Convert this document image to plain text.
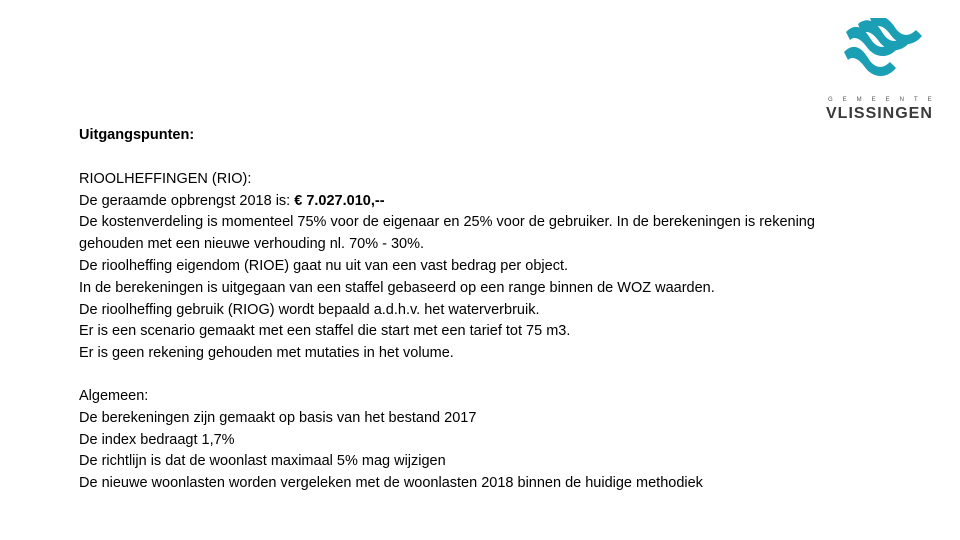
GEMEENTE
VLISSINGEN
Uitgangspunten:
RIOOLHEFFINGEN (RIO):
De geraamde opbrengst 2018 is: € 7.027.010,--
De kostenverdeling is momenteel 75% voor de eigenaar en 25% voor de gebruiker. In de berekeningen is rekening
gehouden met een nieuwe verhouding nl. 70% - 30%.
De rioolheffing eigendom (RIOE) gaat nu uit van een vast bedrag per object.
In de berekeningen is uitgegaan van een staffel gebaseerd op een range binnen de WOZ waarden.
De rioolheffing gebruik (RIOG) wordt bepaald a.d.h.v. het waterverbruik.
Er is een scenario gemaakt met een staffel die start met een tarief tot 75 m3.
Er is geen rekening gehouden met mutaties in het volume.
Algemeen:
De berekeningen zijn gemaakt op basis van het bestand 2017
De index bedraagt 1,7%
De richtlijn is dat de woonlast maximaal 5% mag wijzigen
De nieuwe woonlasten worden vergeleken met de woonlasten 2018 binnen de huidige methodiek
